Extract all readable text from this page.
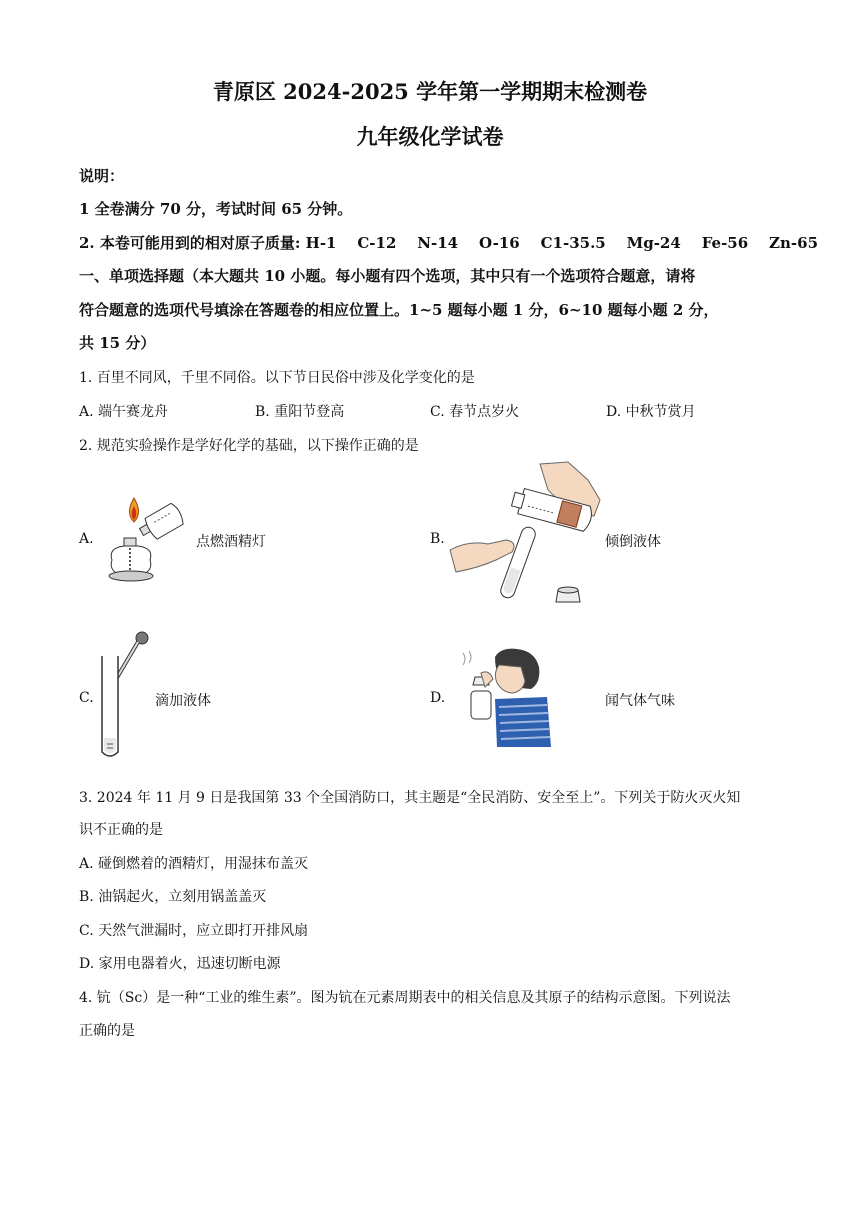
青原区 2024-2025 学年第一学期期末检测卷
九年级化学试卷
说明：
1 全卷满分 70 分，考试时间 65 分钟。
2. 本卷可能用到的相对原子质量: H-1    C-12    N-14    O-16    C1-35.5    Mg-24    Fe-56    Zn-65
一、单项选择题（本大题共 10 小题。每小题有四个选项，其中只有一个选项符合题意，请将
符合题意的选项代号填涂在答题卷的相应位置上。1~5 题每小题 1 分，6~10 题每小题 2 分，
共 15 分）
1. 百里不同风，千里不同俗。以下节日民俗中涉及化学变化的是
A. 端午赛龙舟	B. 重阳节登高	C. 春节点岁火	D. 中秋节赏月
2. 规范实验操作是学好化学的基础，以下操作正确的是
A.	点燃酒精灯	B.	倾倒液体
C.	滴加液体	D.	闻气体气味
3. 2024 年 11 月 9 日是我国第 33 个全国消防口，其主题是“全民消防、安全至上”。下列关于防火灭火知
识不正确的是
A. 碰倒燃着的酒精灯，用湿抹布盖灭
B. 油锅起火，立刻用锅盖盖灭
C. 天然气泄漏时，应立即打开排风扇
D. 家用电器着火，迅速切断电源
4. 钪（Sc）是一种“工业的维生素”。图为钪在元素周期表中的相关信息及其原子的结构示意图。下列说法
正确的是
